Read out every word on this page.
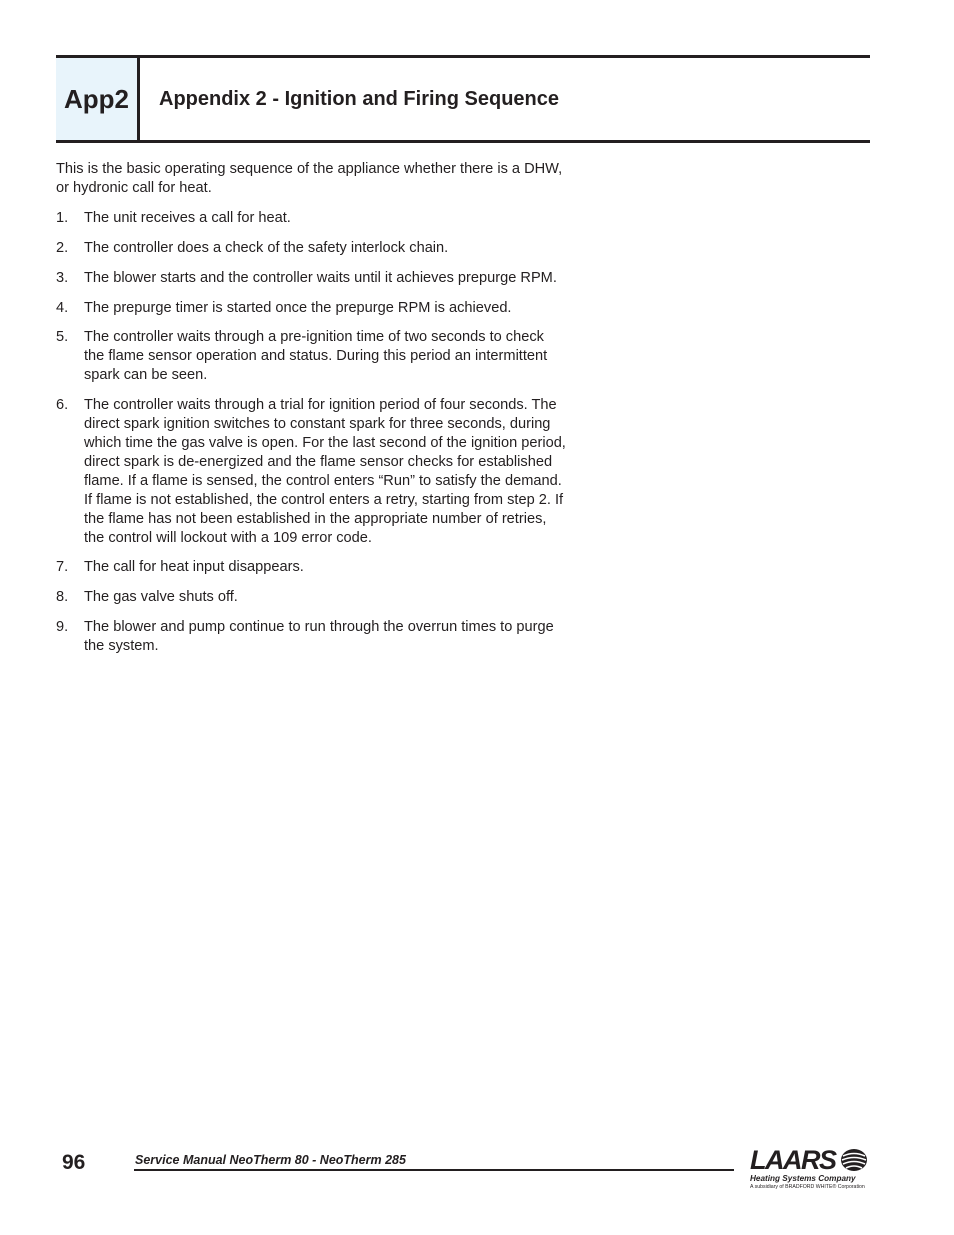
App2 Appendix 2 - Ignition and Firing Sequence

This is the basic operating sequence of the appliance whether there is a DHW, or hydronic call for heat.

1. The unit receives a call for heat.
2. The controller does a check of the safety interlock chain.
3. The blower starts and the controller waits until it achieves prepurge RPM.
4. The prepurge timer is started once the prepurge RPM is achieved.
5. The controller waits through a pre-ignition time of two seconds to check the flame sensor operation and status. During this period an intermittent spark can be seen.
6. The controller waits through a trial for ignition period of four seconds. The direct spark ignition switches to constant spark for three seconds, during which time the gas valve is open. For the last second of the ignition period, direct spark is de-energized and the flame sensor checks for established flame. If a flame is sensed, the control enters “Run” to satisfy the demand. If flame is not established, the control enters a retry, starting from step 2. If the flame has not been established in the appropriate number of retries, the control will lockout with a 109 error code.
7. The call for heat input disappears.
8. The gas valve shuts off.
9. The blower and pump continue to run through the overrun times to purge the system.
96	Service Manual NeoTherm 80 - NeoTherm 285	LAARS
Heating Systems Company
A subsidiary of BRADFORD WHITE® Corporation
